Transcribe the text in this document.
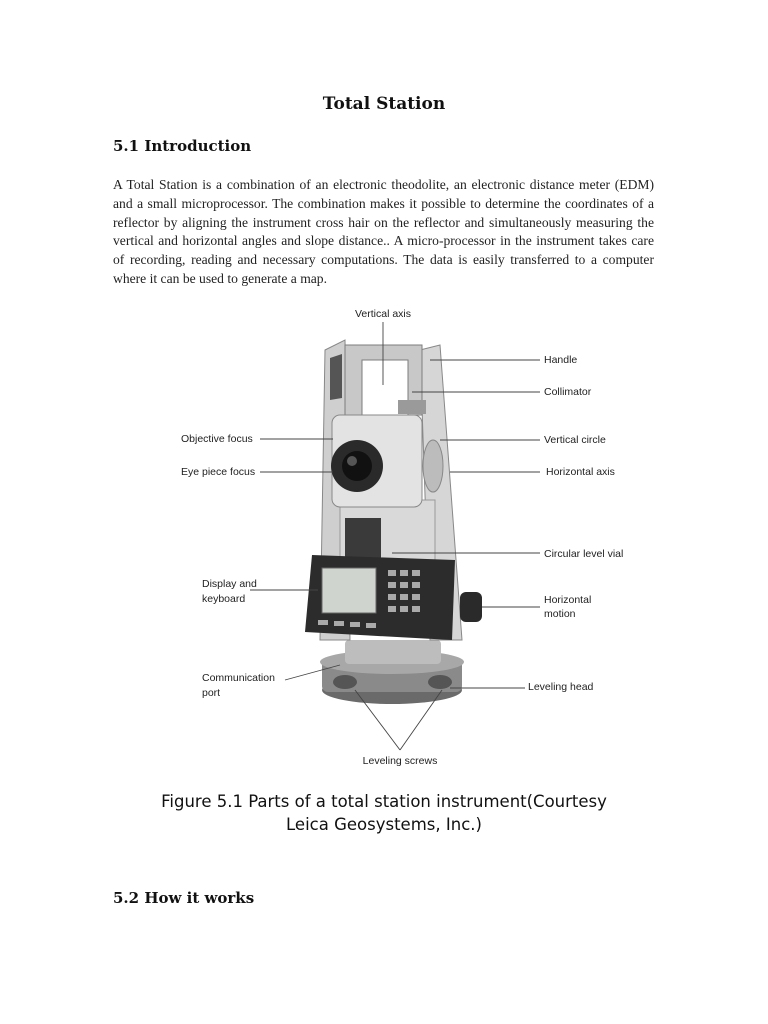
Total Station
5.1 Introduction
A Total Station is a combination of an electronic theodolite, an electronic distance meter (EDM) and a small microprocessor. The combination makes it possible to determine the coordinates of a reflector by aligning the instrument cross hair on the reflector and simultaneously measuring the vertical and horizontal angles and slope distance.. A micro-processor in the instrument takes care of recording, reading and necessary computations. The data is easily transferred to a computer where it can be used to generate a map.
Vertical axis
Handle
Collimator
Objective focus	Vertical circle
Eye piece focus	Horizontal axis
Circular level vial
Display and
keyboard	Horizontal
motion
Communication
port	Leveling head
Leveling screws
Figure 5.1 Parts of a total station instrument(Courtesy
Leica Geosystems, Inc.)
5.2 How it works
